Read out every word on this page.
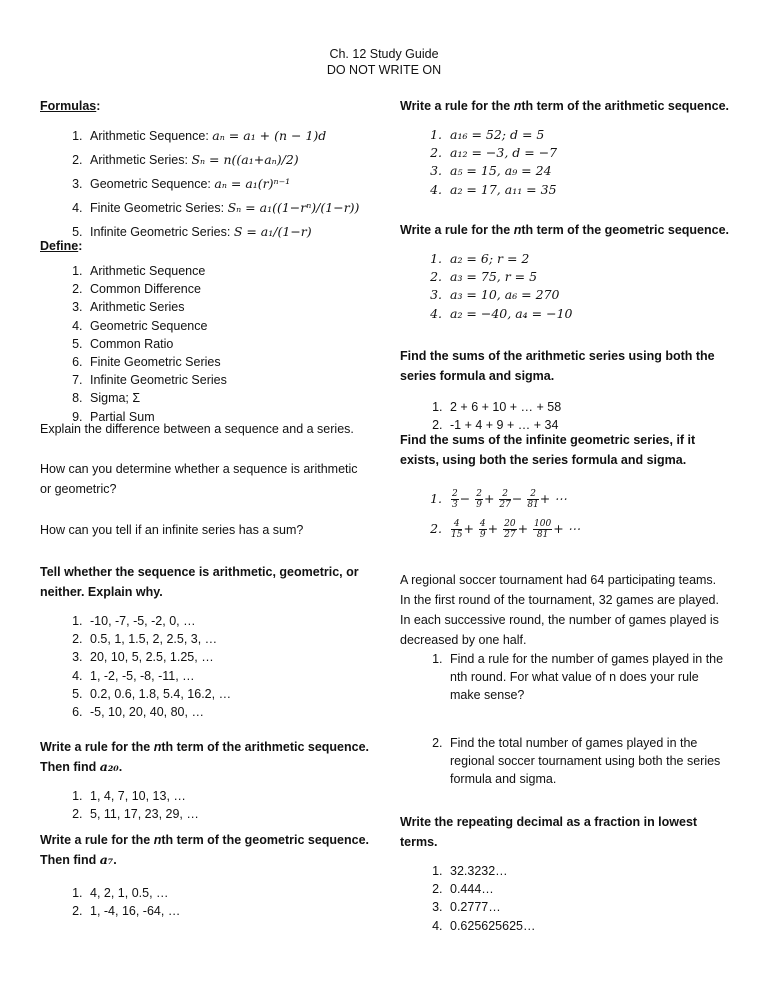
Ch. 12 Study Guide
DO NOT WRITE ON
Formulas:
1. Arithmetic Sequence: aₙ = a₁ + (n − 1)d
2. Arithmetic Series: Sₙ = n((a₁+aₙ)/2)
3. Geometric Sequence: aₙ = a₁(r)ⁿ⁻¹
4. Finite Geometric Series: Sₙ = a₁((1−rⁿ)/(1−r))
5. Infinite Geometric Series: S = a₁/(1−r)
Define:
1. Arithmetic Sequence
2. Common Difference
3. Arithmetic Series
4. Geometric Sequence
5. Common Ratio
6. Finite Geometric Series
7. Infinite Geometric Series
8. Sigma; Σ
9. Partial Sum
Explain the difference between a sequence and a series.
How can you determine whether a sequence is arithmetic or geometric?
How can you tell if an infinite series has a sum?
Tell whether the sequence is arithmetic, geometric, or neither. Explain why.
1. -10, -7, -5, -2, 0, …
2. 0.5, 1, 1.5, 2, 2.5, 3, …
3. 20, 10, 5, 2.5, 1.25, …
4. 1, -2, -5, -8, -11, …
5. 0.2, 0.6, 1.8, 5.4, 16.2, …
6. -5, 10, 20, 40, 80, …
Write a rule for the nth term of the arithmetic sequence. Then find a₂₀.
1. 1, 4, 7, 10, 13, …
2. 5, 11, 17, 23, 29, …
Write a rule for the nth term of the geometric sequence. Then find a₇.
1. 4, 2, 1, 0.5, …
2. 1, -4, 16, -64, …
Write a rule for the nth term of the arithmetic sequence.
1. a₁₆ = 52; d = 5
2. a₁₂ = −3, d = −7
3. a₅ = 15, a₉ = 24
4. a₂ = 17, a₁₁ = 35
Write a rule for the nth term of the geometric sequence.
1. a₂ = 6; r = 2
2. a₃ = 75, r = 5
3. a₃ = 10, a₆ = 270
4. a₂ = −40, a₄ = −10
Find the sums of the arithmetic series using both the series formula and sigma.
1. 2 + 6 + 10 + … + 58
2. -1 + 4 + 9 + … + 34
Find the sums of the infinite geometric series, if it exists, using both the series formula and sigma.
1. $\frac{2}{3} - \frac{2}{9} + \frac{2}{27} - \frac{2}{81}$ + ⋯
2. $\frac{4}{15} + \frac{4}{9} + \frac{20}{27} + \frac{100}{81}$ + ⋯
A regional soccer tournament had 64 participating teams. In the first round of the tournament, 32 games are played. In each successive round, the number of games played is decreased by one half.
1. Find a rule for the number of games played in the nth round. For what value of n does your rule make sense?
2. Find the total number of games played in the regional soccer tournament using both the series formula and sigma.
Write the repeating decimal as a fraction in lowest terms.
1. 32.3232…
2. 0.444…
3. 0.2777…
4. 0.625625625…
